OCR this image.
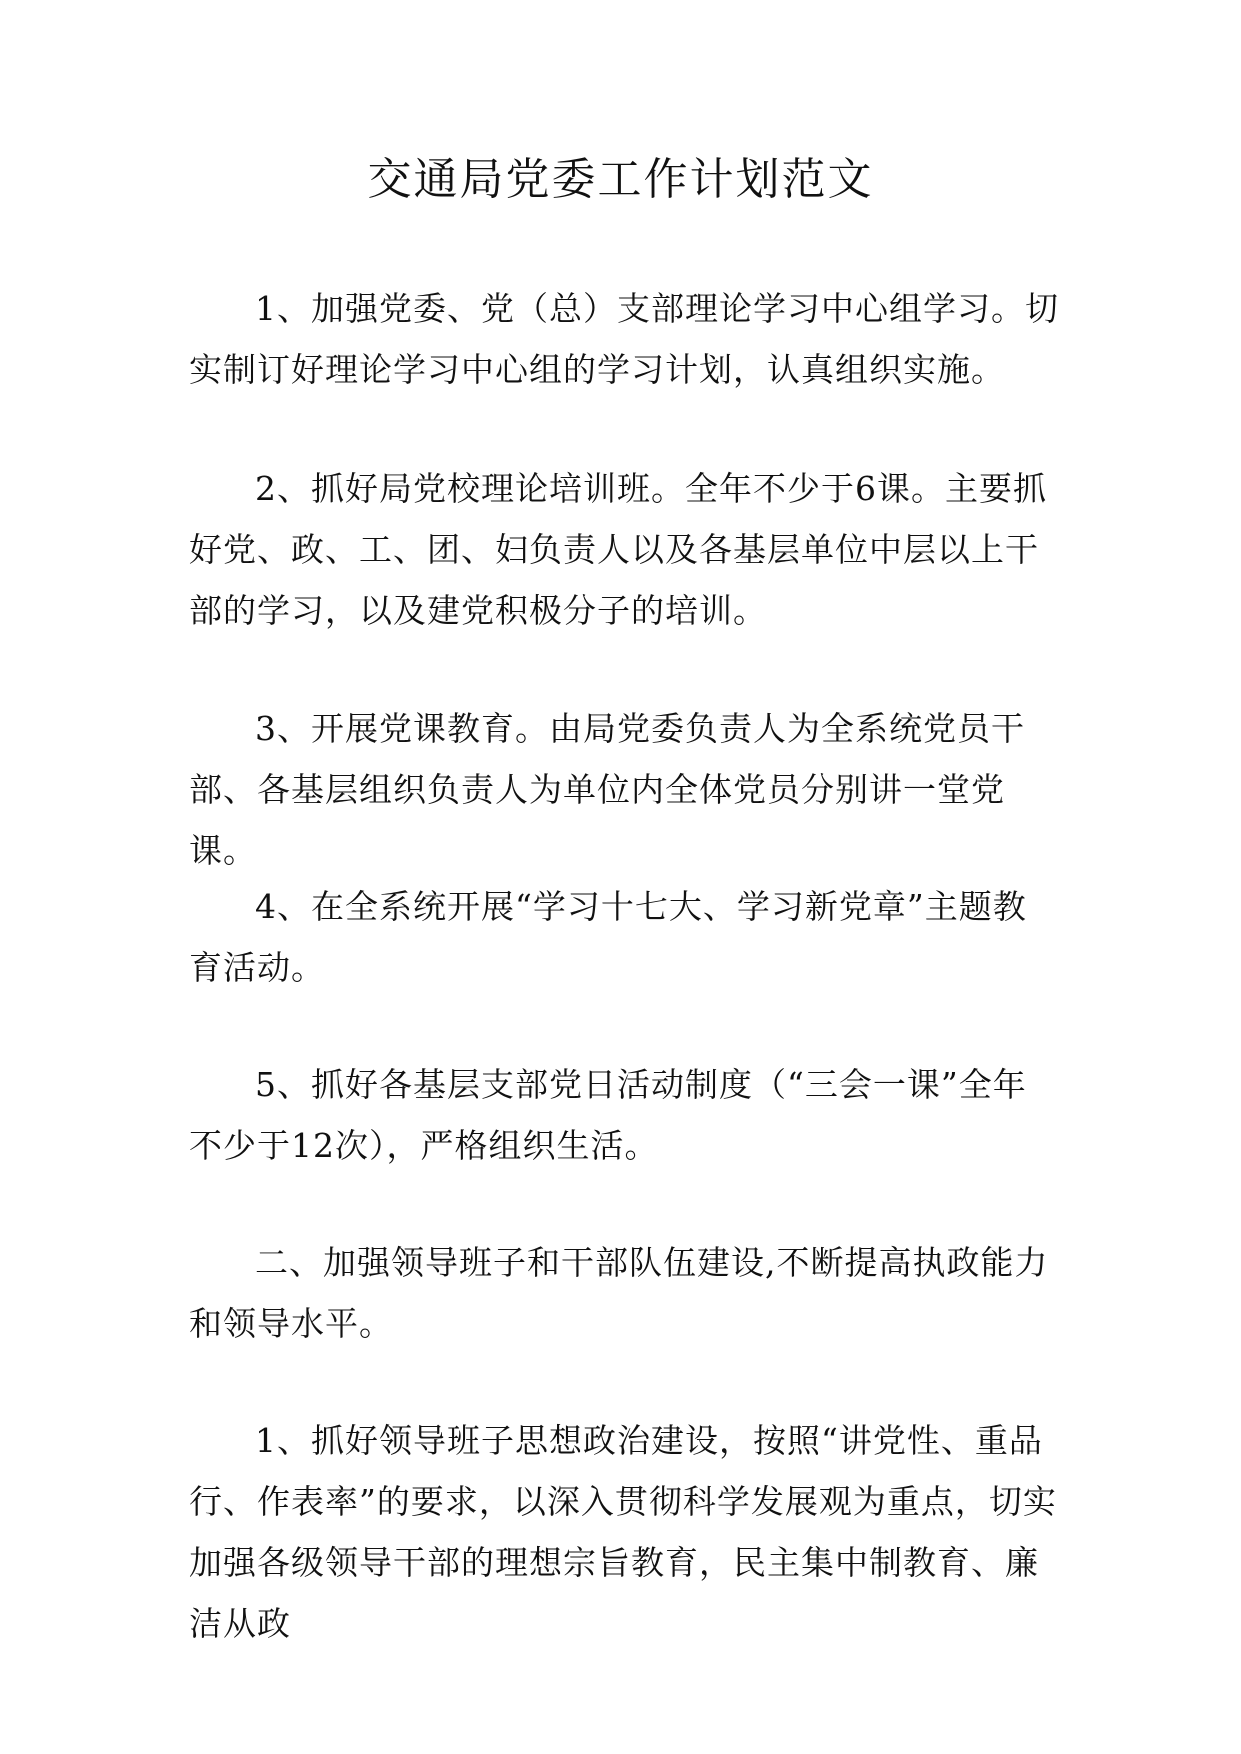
交通局党委工作计划范文

1、加强党委、党（总）支部理论学习中心组学习。切实制订好理论学习中心组的学习计划，认真组织实施。

2、抓好局党校理论培训班。全年不少于6课。主要抓好党、政、工、团、妇负责人以及各基层单位中层以上干部的学习，以及建党积极分子的培训。

3、开展党课教育。由局党委负责人为全系统党员干部、各基层组织负责人为单位内全体党员分别讲一堂党课。

4、在全系统开展“学习十七大、学习新党章”主题教育活动。

5、抓好各基层支部党日活动制度（“三会一课”全年不少于12次），严格组织生活。

二、加强领导班子和干部队伍建设,不断提高执政能力和领导水平。

1、抓好领导班子思想政治建设，按照“讲党性、重品行、作表率”的要求，以深入贯彻科学发展观为重点，切实加强各级领导干部的理想宗旨教育，民主集中制教育、廉洁从政
